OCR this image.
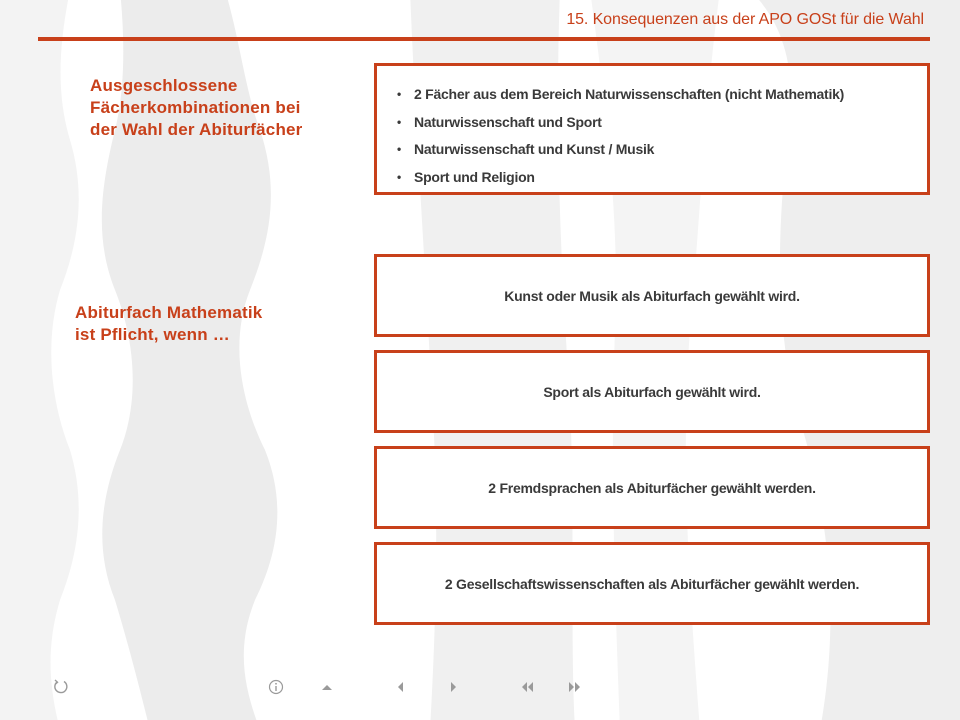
15. Konsequenzen aus der APO GOSt für die Wahl
Ausgeschlossene
Fächerkombinationen bei
der Wahl der Abiturfächer
• 2 Fächer aus dem Bereich Naturwissenschaften (nicht Mathematik)
• Naturwissenschaft und Sport
• Naturwissenschaft und Kunst / Musik
• Sport und Religion
Abiturfach Mathematik
ist Pflicht, wenn …
Kunst oder Musik als Abiturfach gewählt wird.
Sport als Abiturfach gewählt wird.
2 Fremdsprachen als Abiturfächer gewählt werden.
2 Gesellschaftswissenschaften als Abiturfächer gewählt werden.
